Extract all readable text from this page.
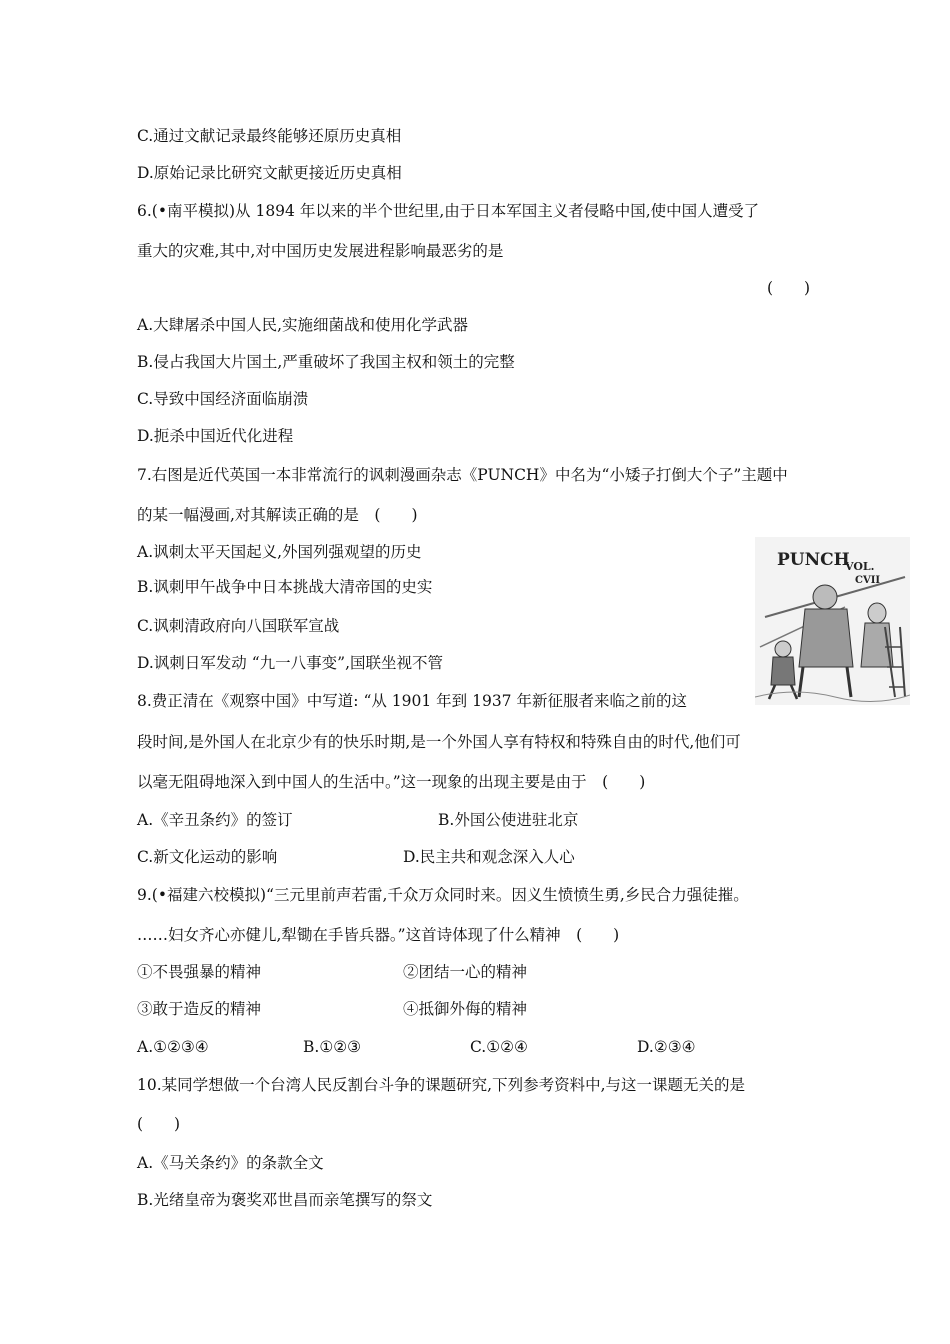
C.通过文献记录最终能够还原历史真相
D.原始记录比研究文献更接近历史真相
6.(•南平模拟)从 1894 年以来的半个世纪里,由于日本军国主义者侵略中国,使中国人遭受了
重大的灾难,其中,对中国历史发展进程影响最恶劣的是
(　　)
A.大肆屠杀中国人民,实施细菌战和使用化学武器
B.侵占我国大片国土,严重破坏了我国主权和领土的完整
C.导致中国经济面临崩溃
D.扼杀中国近代化进程
7.右图是近代英国一本非常流行的讽刺漫画杂志《PUNCH》中名为“小矮子打倒大个子”主题中
的某一幅漫画,对其解读正确的是　(　　)
A.讽刺太平天国起义,外国列强观望的历史
B.讽刺甲午战争中日本挑战大清帝国的史实
C.讽刺清政府向八国联军宣战
D.讽刺日军发动 “九一八事变”,国联坐视不管
PUNCH
VOL.
CVII
8.费正清在《观察中国》中写道: “从 1901 年到 1937 年新征服者来临之前的这
段时间,是外国人在北京少有的快乐时期,是一个外国人享有特权和特殊自由的时代,他们可
以毫无阻碍地深入到中国人的生活中。”这一现象的出现主要是由于　(　　)
A.《辛丑条约》的签订	B.外国公使进驻北京
C.新文化运动的影响	D.民主共和观念深入人心
9.(•福建六校模拟)“三元里前声若雷,千众万众同时来。因义生愤愤生勇,乡民合力强徒摧。
……妇女齐心亦健儿,犁锄在手皆兵器。”这首诗体现了什么精神　(　　)
①不畏强暴的精神	②团结一心的精神
③敢于造反的精神	④抵御外侮的精神
A.①②③④	B.①②③	C.①②④	D.②③④
10.某同学想做一个台湾人民反割台斗争的课题研究,下列参考资料中,与这一课题无关的是
(　　)
A.《马关条约》的条款全文
B.光绪皇帝为褒奖邓世昌而亲笔撰写的祭文
